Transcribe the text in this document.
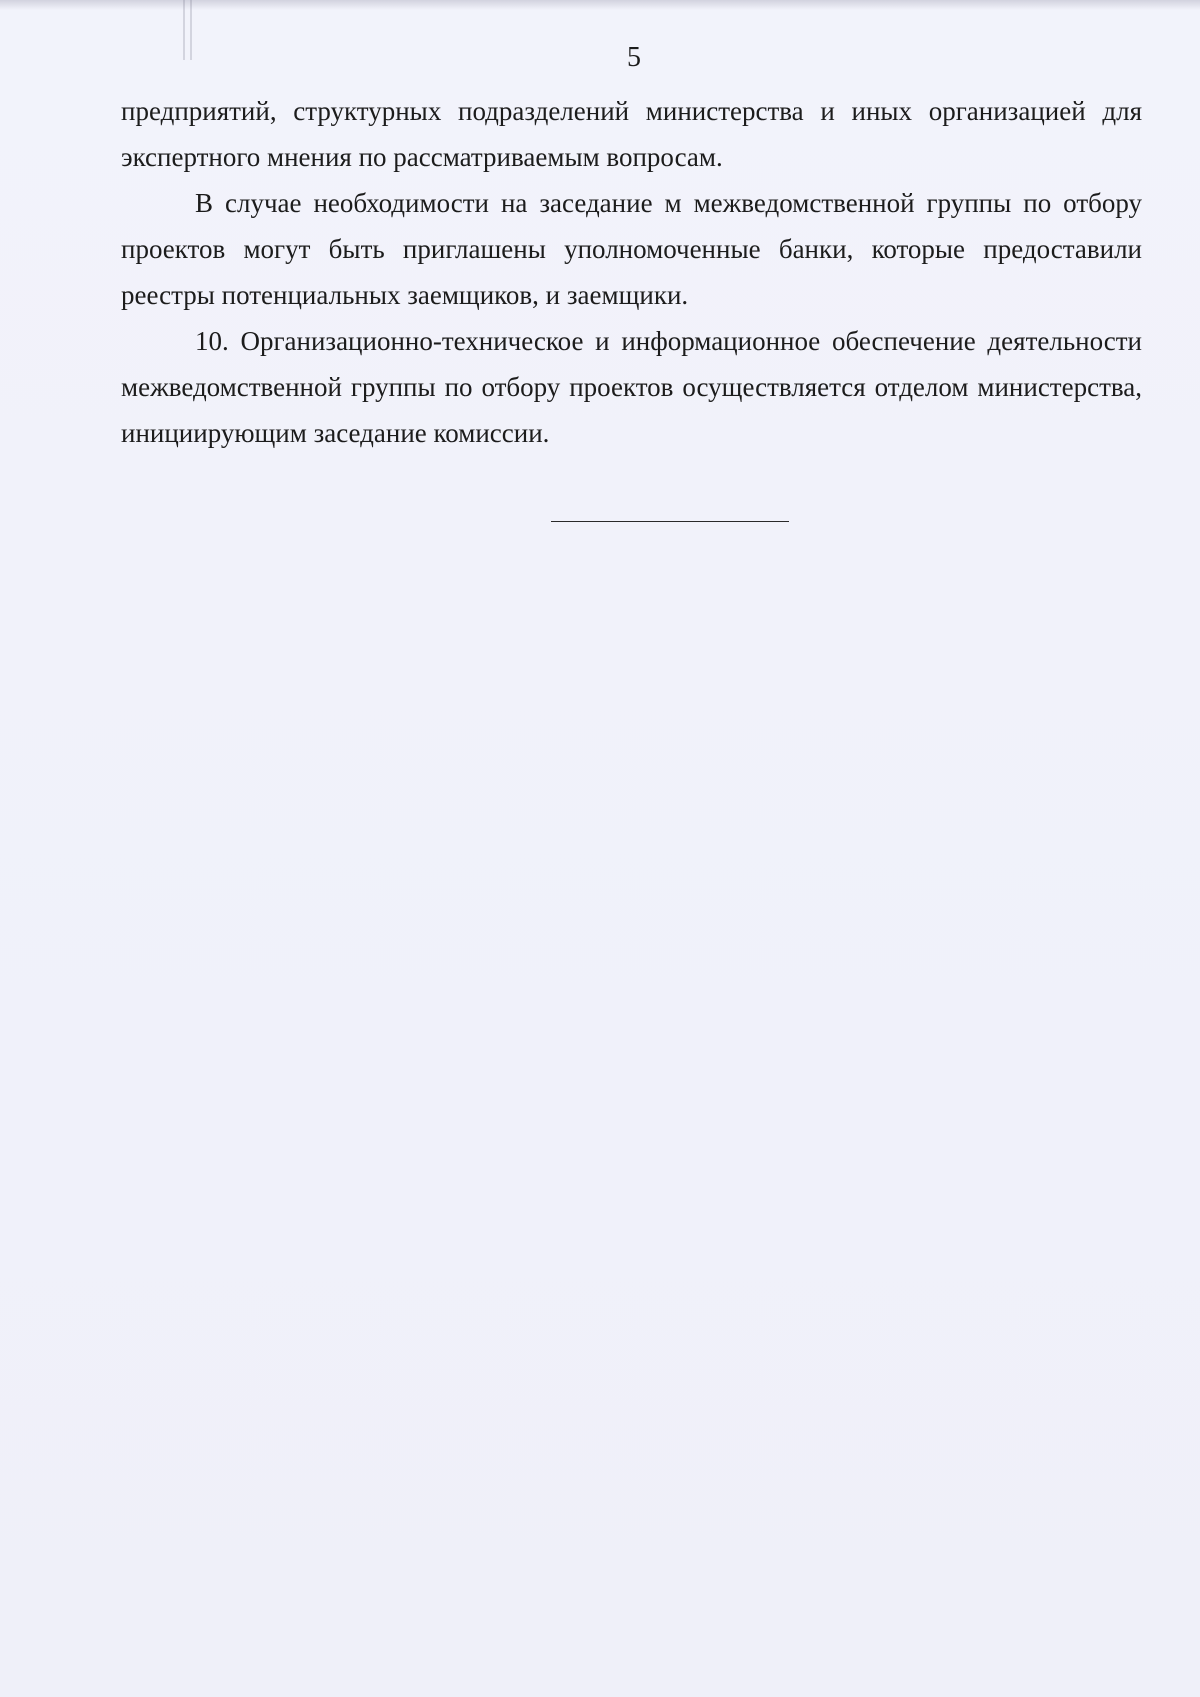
5

предприятий, структурных подразделений министерства и иных организацией для экспертного мнения по рассматриваемым вопросам.

В случае необходимости на заседание м межведомственной группы по отбору проектов могут быть приглашены уполномоченные банки, которые предоставили реестры потенциальных заемщиков, и заемщики.

10. Организационно-техническое и информационное обеспечение деятельности межведомственной группы по отбору проектов осуществляется отделом министерства, инициирующим заседание комиссии.
